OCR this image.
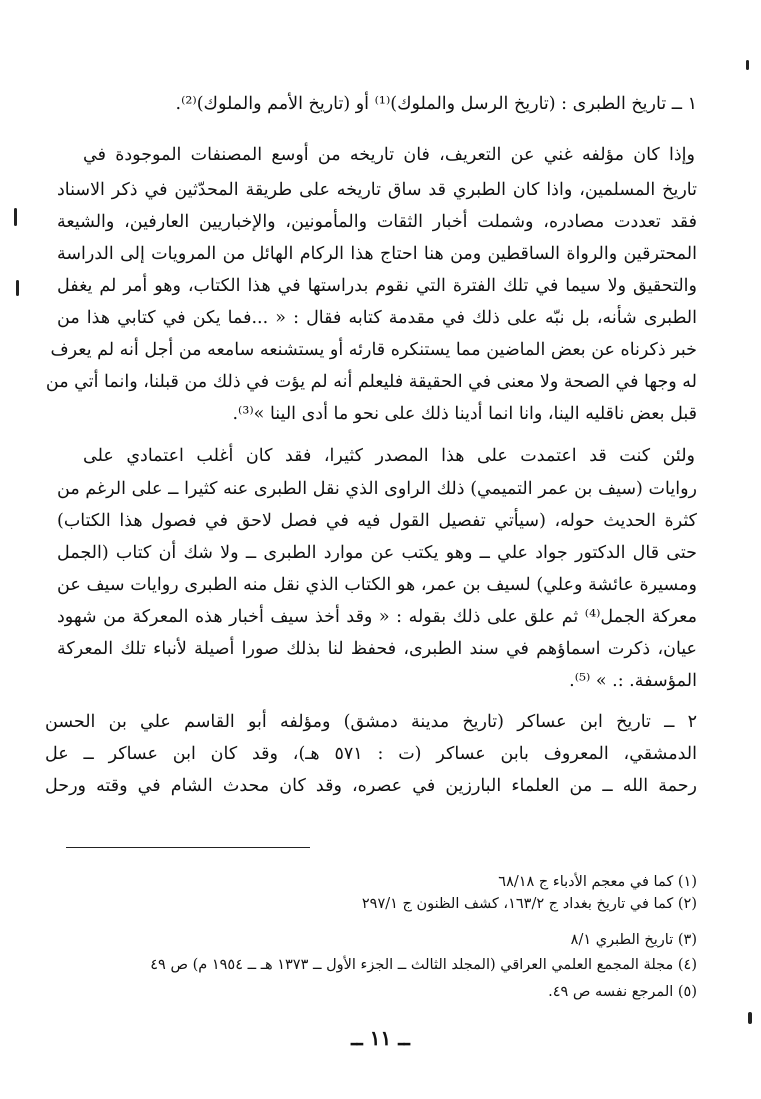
١ ــ تاريخ الطبرى : (تاريخ الرسل والملوك)⁽¹⁾ أو (تاريخ الأمم والملوك)⁽²⁾.
وإذا كان مؤلفه غني عن التعريف، فان تاريخه من أوسع المصنفات الموجودة في
تاريخ المسلمين، واذا كان الطبري قد ساق تاريخه على طريقة المحدّثين في ذكر الاسناد
فقد تعددت مصادره، وشملت أخبار الثقات والمأمونين، والإخباريين العارفين، والشيعة
المحترقين والرواة الساقطين ومن هنا احتاج هذا الركام الهائل من المرويات إلى الدراسة
والتحقيق ولا سيما في تلك الفترة التي نقوم بدراستها في هذا الكتاب، وهو أمر لم يغفل
الطبرى شأنه، بل نبّه على ذلك في مقدمة كتابه فقال : « ...فما يكن في كتابي هذا من
خبر ذكرناه عن بعض الماضين مما يستنكره قارئه أو يستشنعه سامعه من أجل أنه لم يعرف
له وجها في الصحة ولا معنى في الحقيقة فليعلم أنه لم يؤت في ذلك من قبلنا، وانما أتي من
قبل بعض ناقليه الينا، وانا انما أدينا ذلك على نحو ما أدى الينا »⁽³⁾.
ولئن كنت قد اعتمدت على هذا المصدر كثيرا، فقد كان أغلب اعتمادي على
روايات (سيف بن عمر التميمي) ذلك الراوى الذي نقل الطبرى عنه كثيرا ــ على الرغم من
كثرة الحديث حوله، (سيأتي تفصيل القول فيه في فصل لاحق في فصول هذا الكتاب)
حتى قال الدكتور جواد علي ــ وهو يكتب عن موارد الطبرى ــ ولا شك أن كتاب (الجمل
ومسيرة عائشة وعلي) لسيف بن عمر، هو الكتاب الذي نقل منه الطبرى روايات سيف عن
معركة الجمل⁽⁴⁾ ثم علق على ذلك بقوله : « وقد أخذ سيف أخبار هذه المعركة من شهود
عيان، ذكرت اسماؤهم في سند الطبرى، فحفظ لنا بذلك صورا أصيلة لأنباء تلك المعركة
المؤسفة. :. » ⁽⁵⁾.
٢ ــ تاريخ ابن عساكر (تاريخ مدينة دمشق) ومؤلفه أبو القاسم علي بن الحسن
الدمشقي، المعروف بابن عساكر (ت : ٥٧١ هـ)، وقد كان ابن عساكر ــ عل
رحمة الله ــ من العلماء البارزين في عصره، وقد كان محدث الشام في وقته ورحل
(١) كما في معجم الأدباء ج ٦٨/١٨
(٢) كما في تاريخ بغداد ج ١٦٣/٢، كشف الظنون ج ٢٩٧/١
(٣) تاريخ الطبري ٨/١
(٤) مجلة المجمع العلمي العراقي (المجلد الثالث ــ الجزء الأول ــ ١٣٧٣ هـ ــ ١٩٥٤ م) ص ٤٩
(٥) المرجع نفسه ص ٤٩.
ــ ١١ ــ
